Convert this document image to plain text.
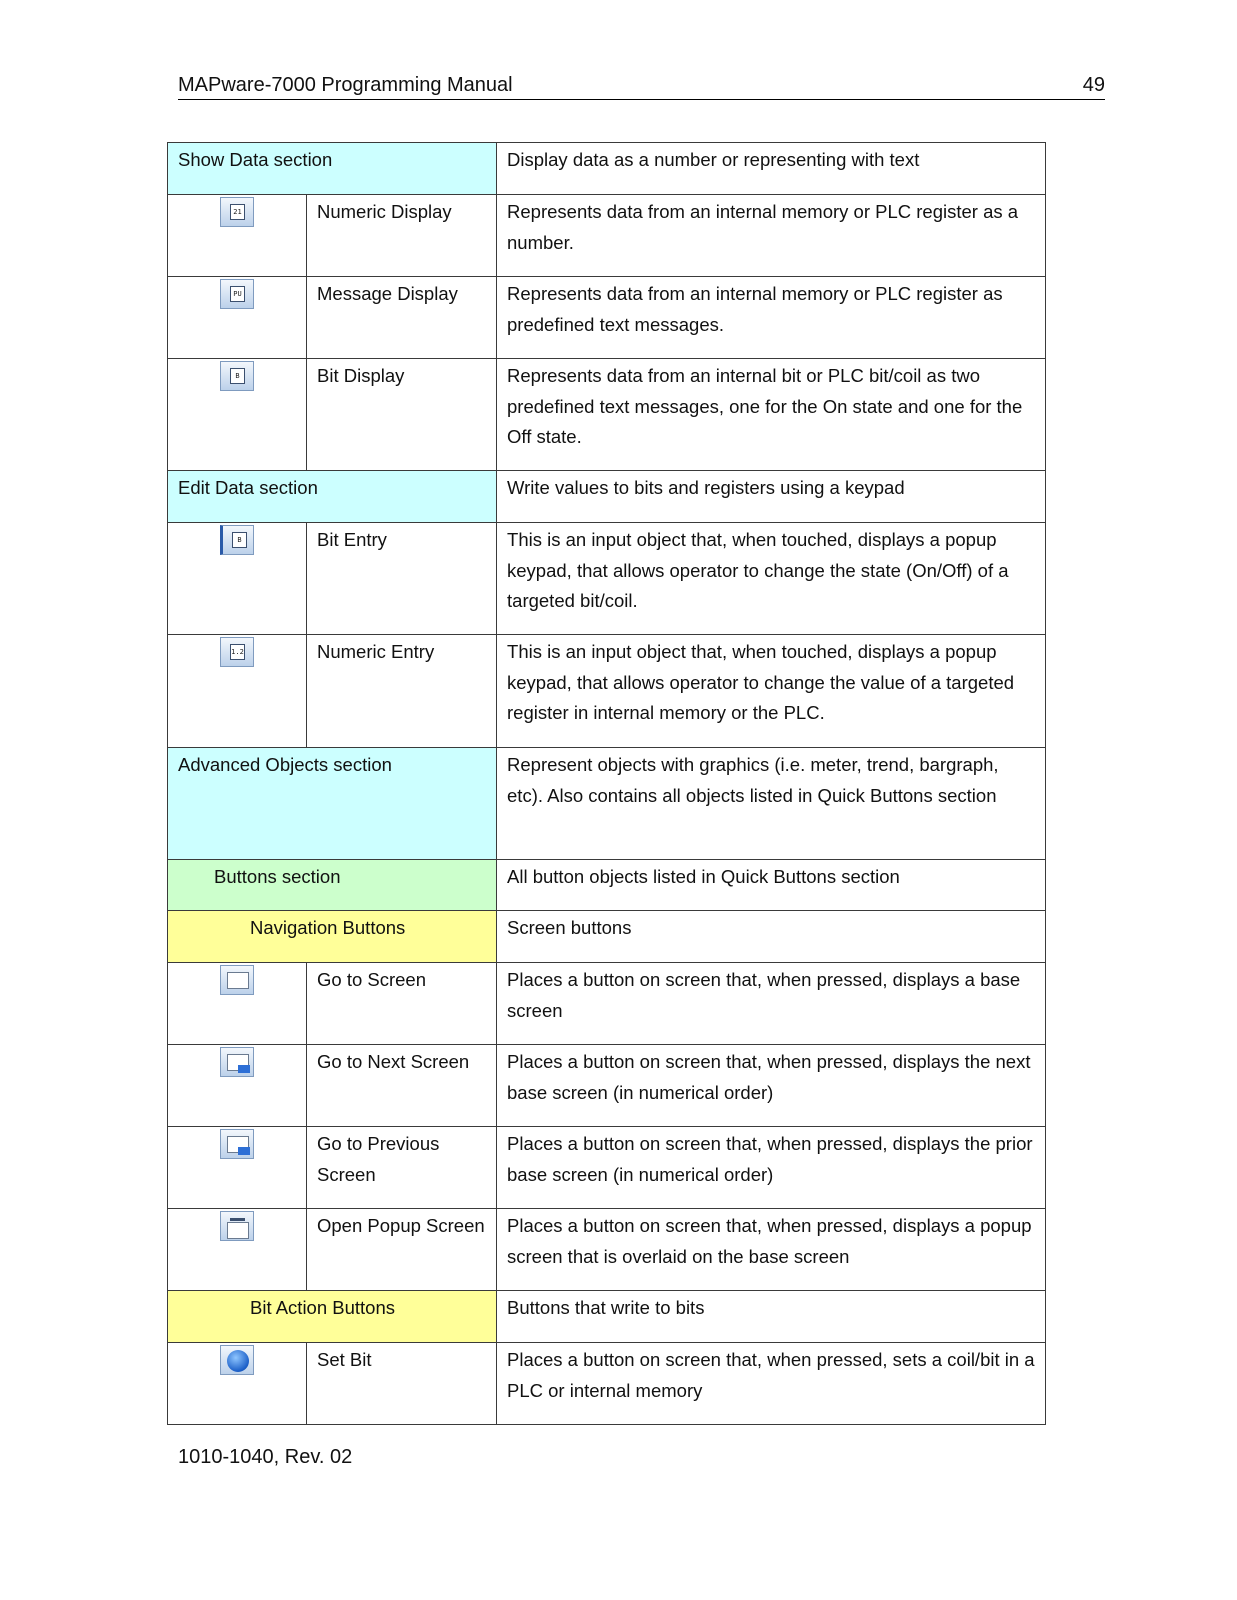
MAPware-7000 Programming Manual	49
Show Data section		Display data as a number or representing with text

21	Numeric Display	Represents data from an internal memory or PLC register as a number.

PU	Message Display	Represents data from an internal memory or PLC register as predefined text messages.

B	Bit Display	Represents data from an internal bit or PLC bit/coil as two predefined text messages, one for the On state and one for the Off state.
Edit Data section		Write values to bits and registers using a keypad

B	Bit Entry	This is an input object that, when touched, displays a popup keypad, that allows operator to change the state (On/Off) of a targeted bit/coil.

1.2	Numeric Entry	This is an input object that, when touched, displays a popup keypad, that allows operator to change the value of a targeted register in internal memory or the PLC.
Advanced Objects section		Represent objects with graphics (i.e. meter, trend, bargraph, etc). Also contains all objects listed in Quick Buttons section
Buttons section		All button objects listed in Quick Buttons section
Navigation Buttons		Screen buttons

	Go to Screen	Places a button on screen that, when pressed, displays a base screen

	Go to Next Screen	Places a button on screen that, when pressed, displays the next base screen (in numerical order)

	Go to Previous Screen	Places a button on screen that, when pressed, displays the prior base screen (in numerical order)

	Open Popup Screen	Places a button on screen that, when pressed, displays a popup screen that is overlaid on the base screen
Bit Action Buttons		Buttons that write to bits

	Set Bit	Places a button on screen that, when pressed, sets a coil/bit in a PLC or internal memory
1010-1040, Rev. 02
